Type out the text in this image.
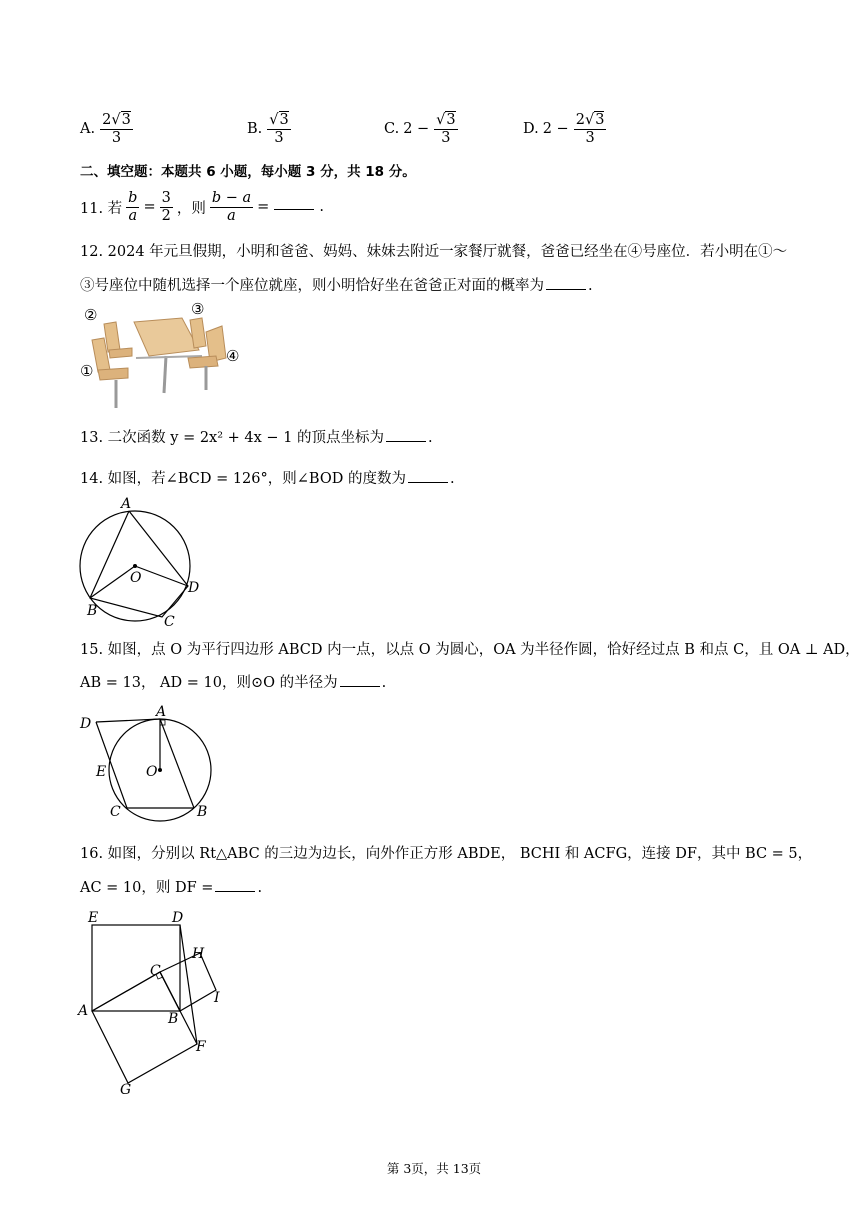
A. $\frac{2√3}{3}$	B. $\frac{√3}{3}$	C. $2 - \frac{√3}{3}$	D. $2 - \frac{2√3}{3}$
二、填空题：本题共 6 小题，每小题 3 分，共 18 分。
11. 若 $\frac{b}{a} = \frac{3}{2}$ ，则 $\frac{b - a}{a}$ =	.
12. 2024 年元旦假期，小明和爸爸、妈妈、妹妹去附近一家餐厅就餐，爸爸已经坐在④号座位．若小明在①～
③号座位中随机选择一个座位就座，则小明恰好坐在爸爸正对面的概率为	.
②
①
③
④
13. 二次函数 y = 2x² + 4x − 1 的顶点坐标为	.
14. 如图，若∠BCD = 126°，则∠BOD 的度数为	.
A
B
C
D
O
15. 如图，点 O 为平行四边形 ABCD 内一点，以点 O 为圆心，OA 为半径作圆，恰好经过点 B 和点 C，且 OA ⊥ AD，
AB = 13， AD = 10，则⊙O 的半径为	.
D
A
E	O
C	B
16. 如图，分别以 Rt△ABC 的三边为边长，向外作正方形 ABDE， BCHI 和 ACFG，连接 DF，其中 BC = 5，
AC = 10，则 DF =	.
E	D
C
H
I
A	B
F
G
第 3页，共 13页
